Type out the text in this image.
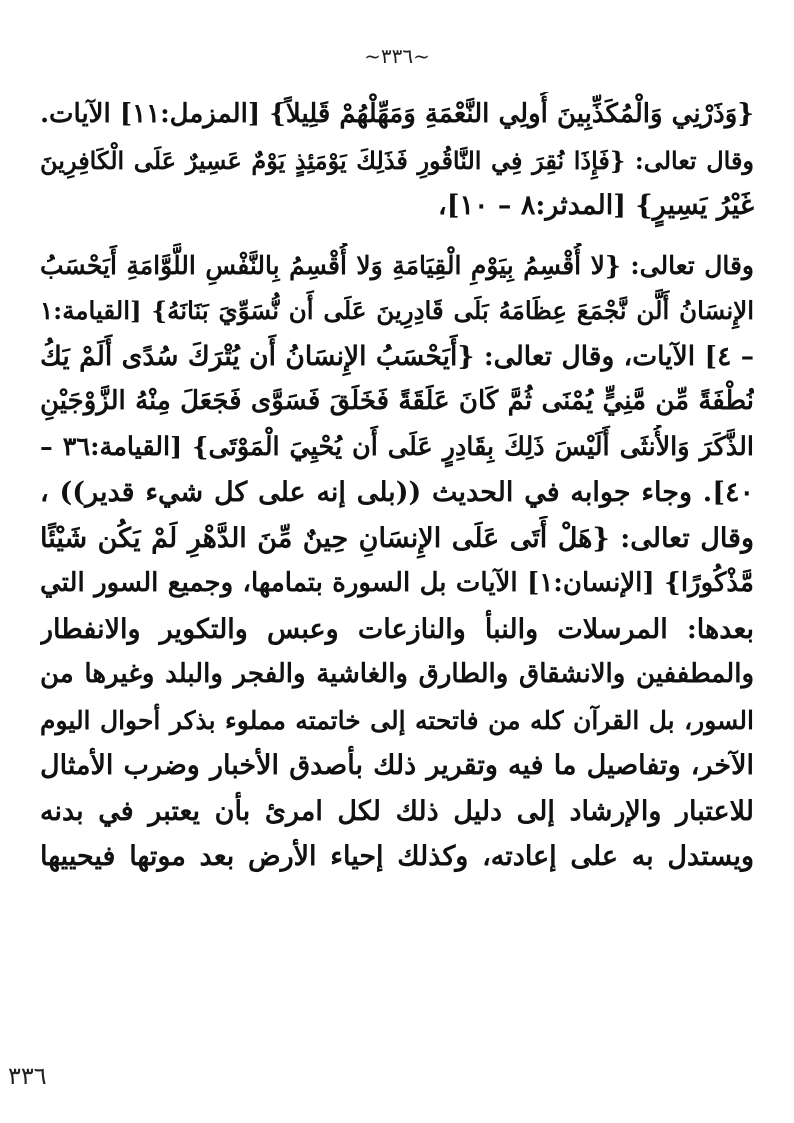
~٣٣٦~
{وَذَرْنِي وَالْمُكَذِّبِينَ أُولِي النَّعْمَةِ وَمَهِّلْهُمْ قَلِيلاً} [المزمل:١١] الآيات.
وقال تعالى: {فَإِذَا نُقِرَ فِي النَّاقُورِ فَذَلِكَ يَوْمَئِذٍ يَوْمٌ عَسِيرٌ عَلَى الْكَافِرِينَ
غَيْرُ يَسِيرٍ} [المدثر:٨ – ١٠]،
وقال تعالى: {لا أُقْسِمُ بِيَوْمِ الْقِيَامَةِ وَلا أُقْسِمُ بِالنَّفْسِ اللَّوَّامَةِ أَيَحْسَبُ
الإِنسَانُ أَلَّن نَّجْمَعَ عِظَامَهُ بَلَى قَادِرِينَ عَلَى أَن نُّسَوِّيَ بَنَانَهُ} [القيامة:١
– ٤] الآيات، وقال تعالى: {أَيَحْسَبُ الإِنسَانُ أَن يُتْرَكَ سُدًى أَلَمْ يَكُ
نُطْفَةً مِّن مَّنِيٍّ يُمْنَى ثُمَّ كَانَ عَلَقَةً فَخَلَقَ فَسَوَّى فَجَعَلَ مِنْهُ الزَّوْجَيْنِ
الذَّكَرَ وَالأُنثَى أَلَيْسَ ذَلِكَ بِقَادِرٍ عَلَى أَن يُحْيِيَ الْمَوْتَى} [القيامة:٣٦ –
٤٠]. وجاء جوابه في الحديث ((بلى إنه على كل شيء قدير)) ،
وقال تعالى: {هَلْ أَتَى عَلَى الإِنسَانِ حِينٌ مِّنَ الدَّهْرِ لَمْ يَكُن شَيْئًا
مَّذْكُورًا} [الإنسان:١] الآيات بل السورة بتمامها، وجميع السور التي
بعدها: المرسلات والنبأ والنازعات وعبس والتكوير والانفطار
والمطففين والانشقاق والطارق والغاشية والفجر والبلد وغيرها من
السور، بل القرآن كله من فاتحته إلى خاتمته مملوء بذكر أحوال اليوم
الآخر، وتفاصيل ما فيه وتقرير ذلك بأصدق الأخبار وضرب الأمثال
للاعتبار والإرشاد إلى دليل ذلك لكل امرئ بأن يعتبر في بدنه
ويستدل به على إعادته، وكذلك إحياء الأرض بعد موتها فيحييها
٣٣٦
